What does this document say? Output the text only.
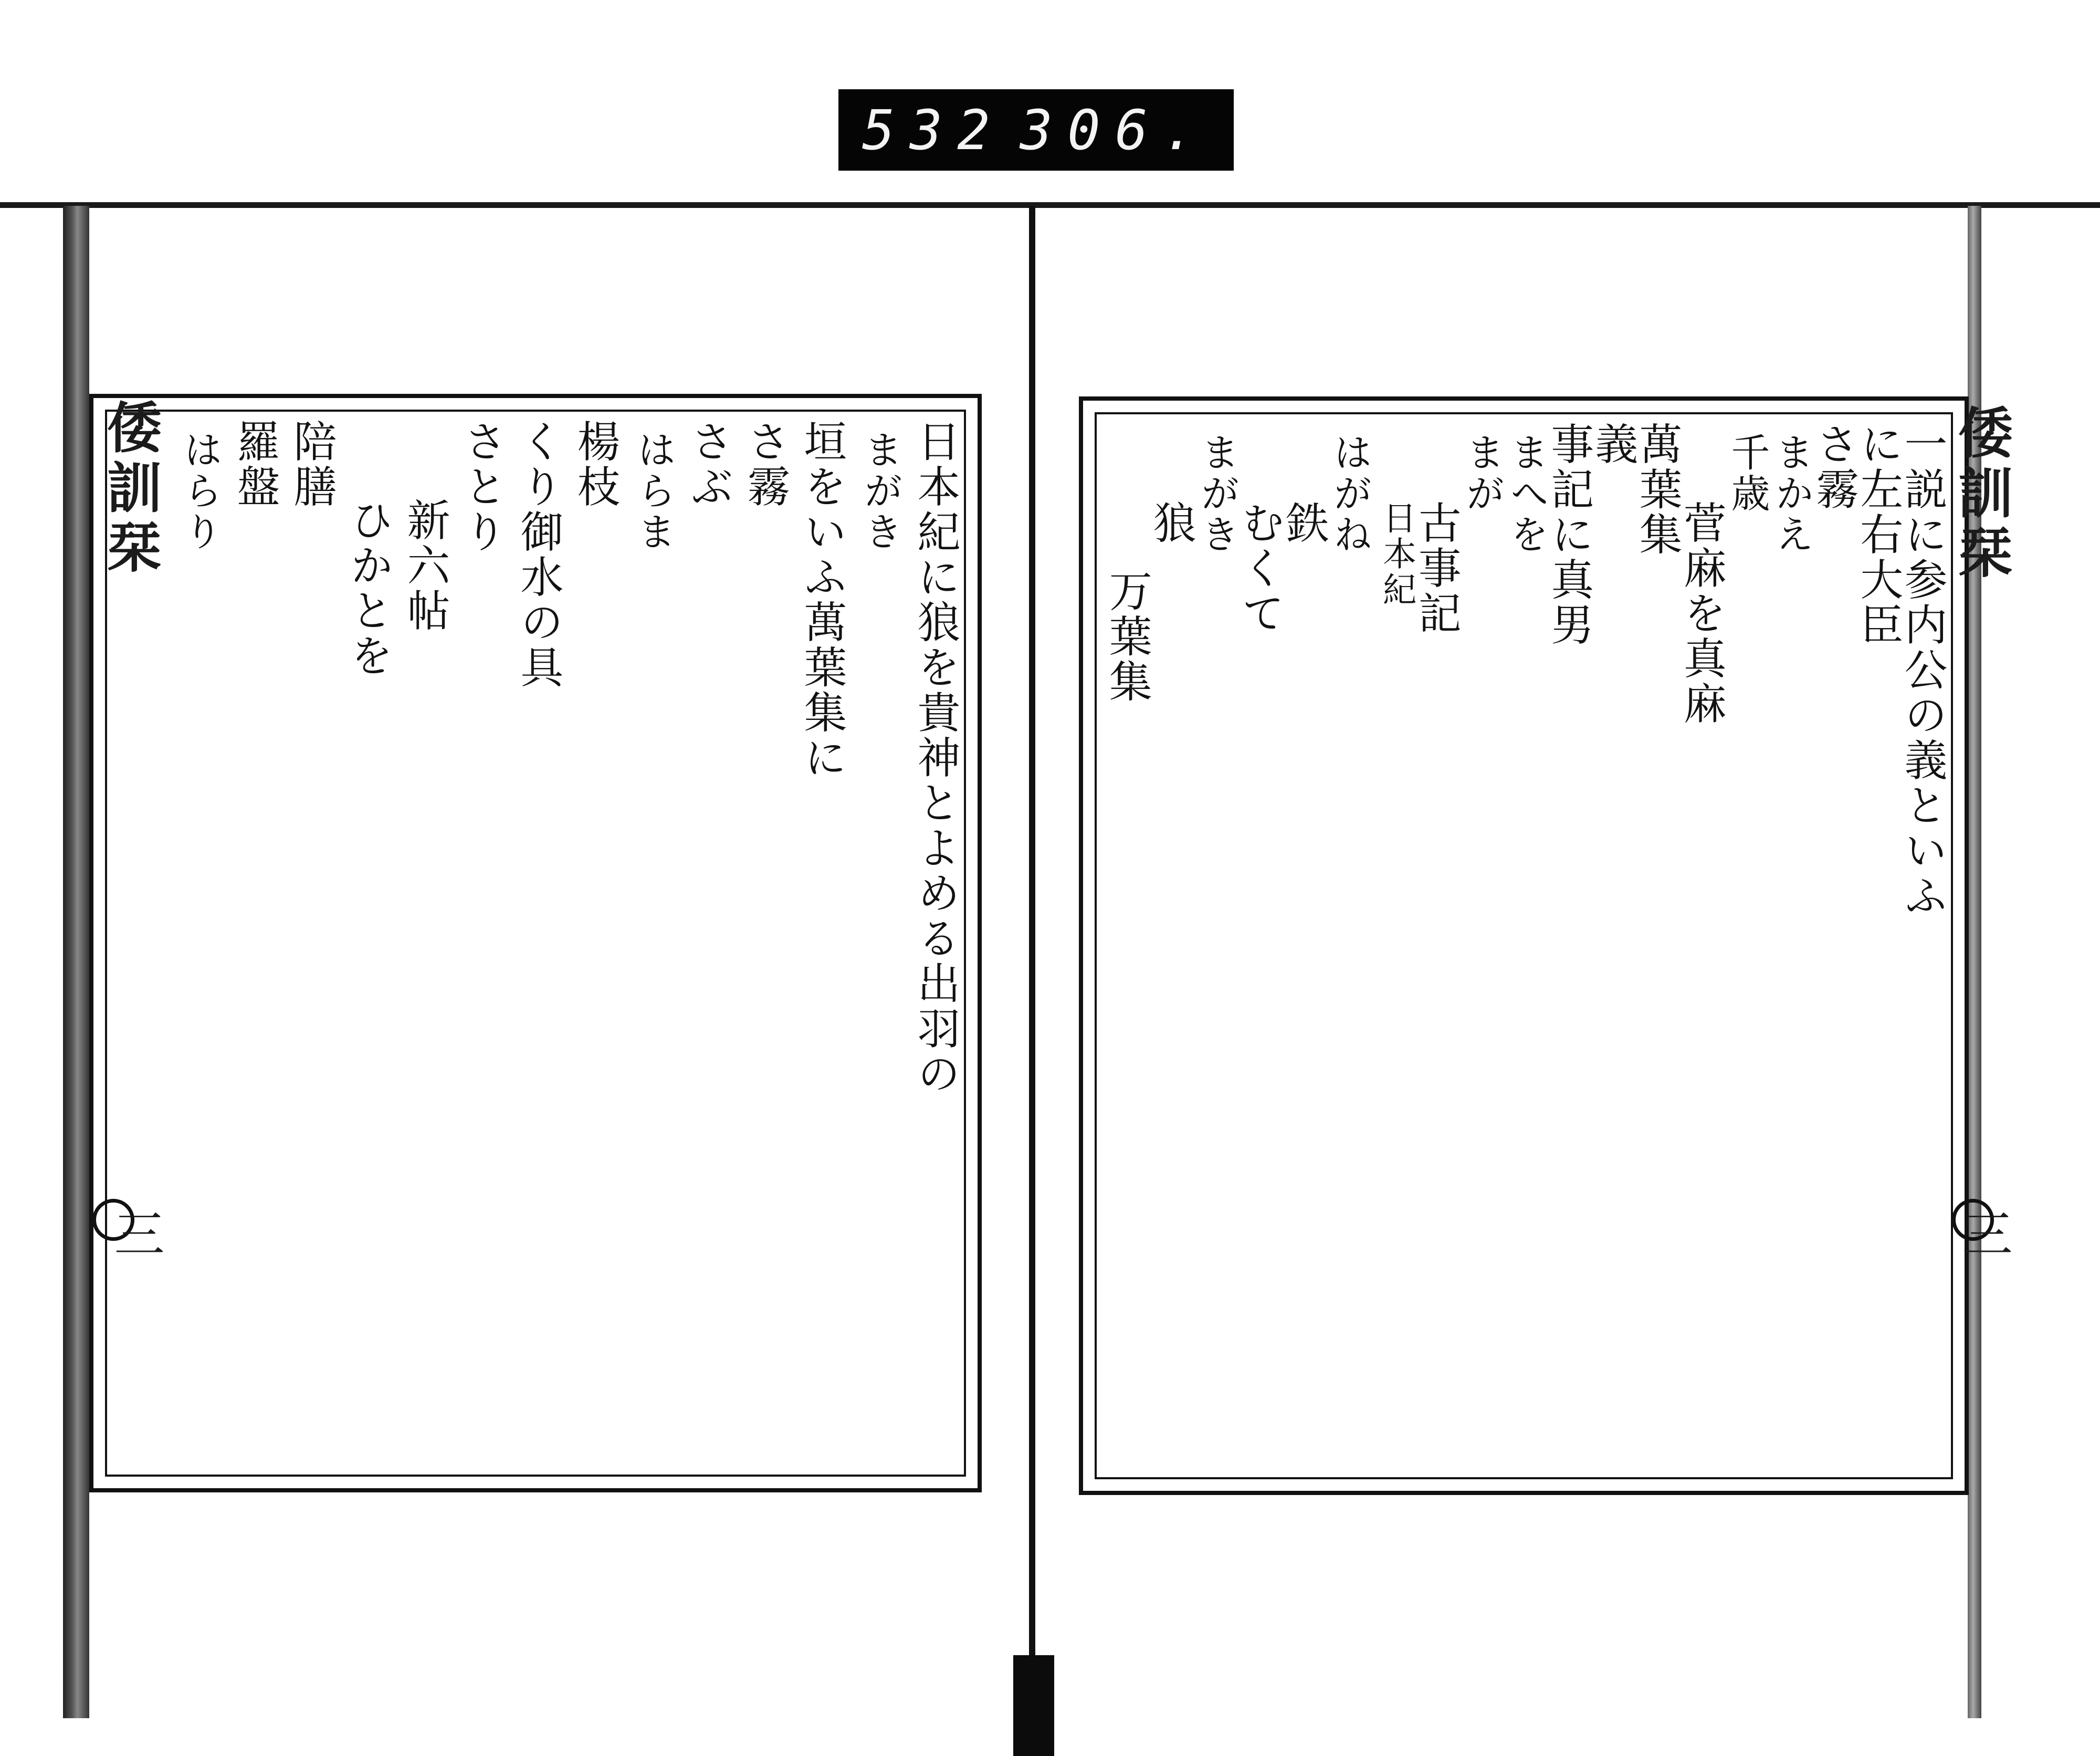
532 306.
日本紀に狼を貴神とよめる出羽の
まがき
垣をいふ萬葉集に
さ霧
さぶ
はらま
楊枝
くり御水の具
さとり
新六帖
ひかとを
陪膳
羅盤
はらり
倭訓栞
三
一説に参内公の義といふ
に左右大臣
さ霧
まかえ
千歳
菅麻を真麻
萬葉集
義
事記に真男
まへを
まが
古事記
日本紀
はがね
鉄
むくて
まがき
狼
万葉集
倭訓栞
三
